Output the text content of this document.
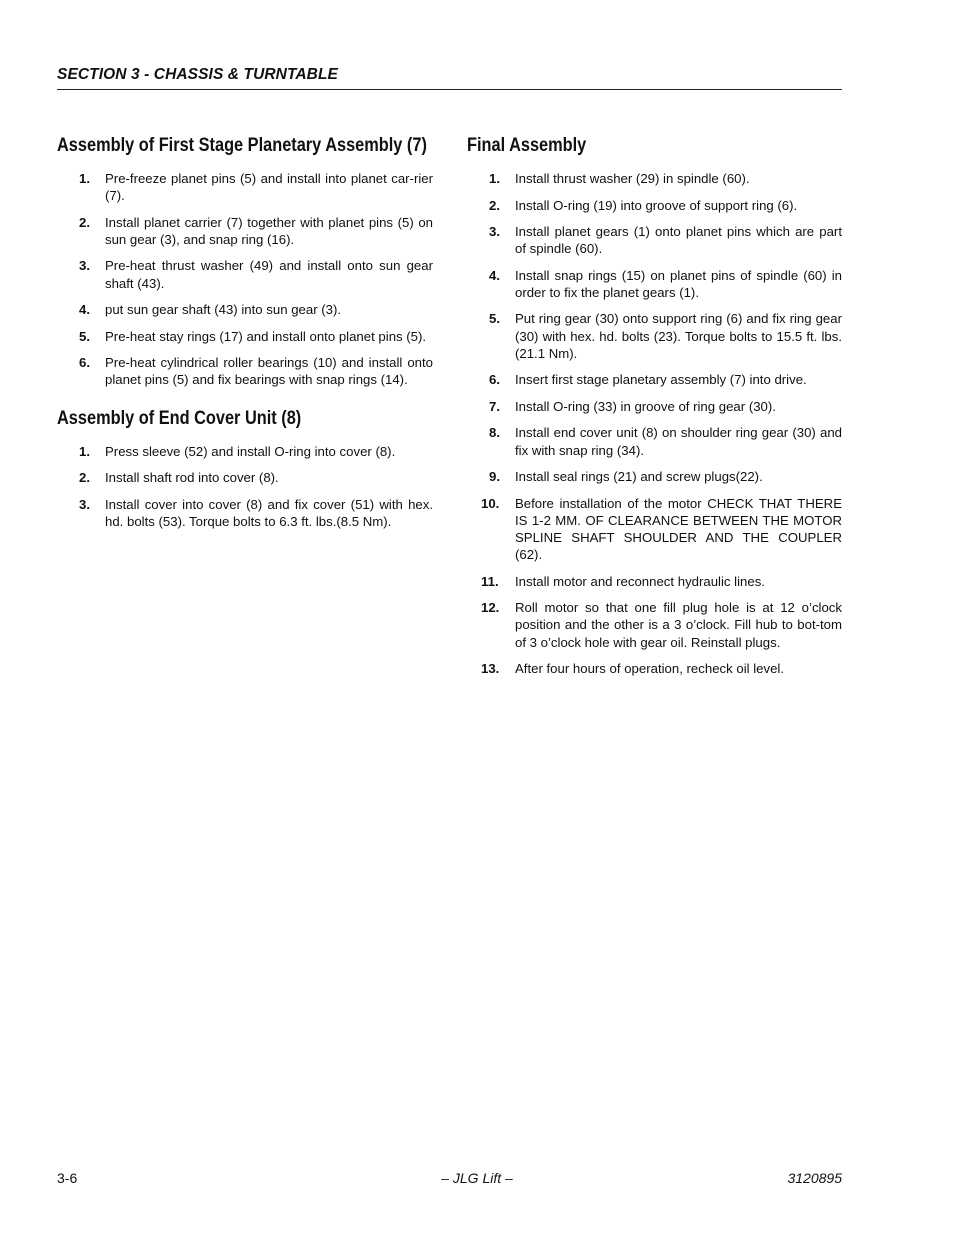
SECTION 3 - CHASSIS & TURNTABLE
Assembly of First Stage Planetary Assembly (7)
1. Pre-freeze planet pins (5) and install into planet car-rier (7).
2. Install planet carrier (7) together with planet pins (5) on sun gear (3), and snap ring (16).
3. Pre-heat thrust washer (49) and install onto sun gear shaft (43).
4. put sun gear shaft (43) into sun gear (3).
5. Pre-heat stay rings (17) and install onto planet pins (5).
6. Pre-heat cylindrical roller bearings (10) and install onto planet pins (5) and fix bearings with snap rings (14).
Assembly of End Cover Unit (8)
1. Press sleeve (52) and install O-ring into cover (8).
2. Install shaft rod into cover (8).
3. Install cover into cover (8) and fix cover (51) with hex. hd. bolts (53). Torque bolts to 6.3 ft. lbs.(8.5 Nm).
Final Assembly
1. Install thrust washer (29) in spindle (60).
2. Install O-ring (19) into groove of support ring (6).
3. Install planet gears (1) onto planet pins which are part of spindle (60).
4. Install snap rings (15) on planet pins of spindle (60) in order to fix the planet gears (1).
5. Put ring gear (30) onto support ring (6) and fix ring gear (30) with hex. hd. bolts (23). Torque bolts to 15.5 ft. lbs.(21.1 Nm).
6. Insert first stage planetary assembly (7) into drive.
7. Install O-ring (33) in groove of ring gear (30).
8. Install end cover unit (8) on shoulder ring gear (30) and fix with snap ring (34).
9. Install seal rings (21) and screw plugs(22).
10. Before installation of the motor CHECK THAT THERE IS 1-2 MM. OF CLEARANCE BETWEEN THE MOTOR SPLINE SHAFT SHOULDER AND THE COUPLER (62).
11. Install motor and reconnect hydraulic lines.
12. Roll motor so that one fill plug hole is at 12 o’clock position and the other is a 3 o’clock. Fill hub to bot-tom of 3 o’clock hole with gear oil. Reinstall plugs.
13. After four hours of operation, recheck oil level.
3-6	– JLG Lift –	3120895
